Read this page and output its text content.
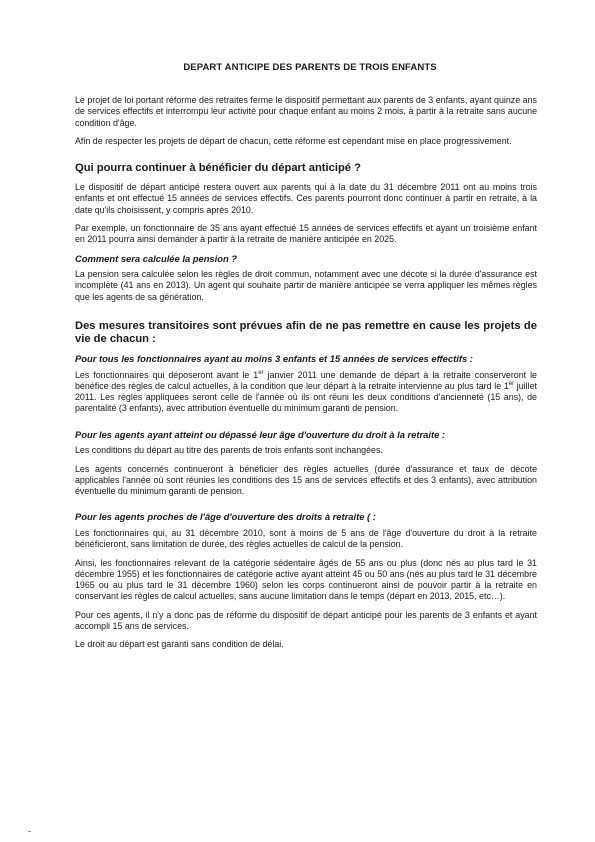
DEPART ANTICIPE DES PARENTS DE TROIS ENFANTS

Le projet de loi portant réforme des retraites ferme le dispositif permettant aux parents de 3 enfants, ayant quinze ans de services effectifs et interrompu leur activité pour chaque enfant au moins 2 mois, à partir à la retraite sans aucune condition d'âge.

Afin de respecter les projets de départ de chacun, cette réforme est cependant mise en place progressivement.

Qui pourra continuer à bénéficier du départ anticipé ?

Le dispositif de départ anticipé restera ouvert aux parents qui à la date du 31 décembre 2011 ont au moins trois enfants et ont effectué 15 années de services effectifs. Ces parents pourront donc continuer à partir en retraite, à la date qu'ils choisissent, y compris après 2010.

Par exemple, un fonctionnaire de 35 ans ayant effectué 15 années de services effectifs et ayant un troisième enfant en 2011 pourra ainsi demander à partir à la retraite de manière anticipée en 2025.

Comment sera calculée la pension ?

La pension sera calculée selon les règles de droit commun, notamment avec une décote si la durée d'assurance est incomplète (41 ans en 2013). Un agent qui souhaite partir de manière anticipée se verra appliquer les mêmes règles que les agents de sa génération.

Des mesures transitoires sont prévues afin de ne pas remettre en cause les projets de vie de chacun :
Pour tous les fonctionnaires ayant au moins 3 enfants et 15 années de services effectifs :

Les fonctionnaires qui déposeront avant le 1er janvier 2011 une demande de départ à la retraite conserveront le bénéfice des règles de calcul actuelles, à la condition que leur départ à la retraite intervienne au plus tard le 1er juillet 2011. Les règles appliquées seront celle de l'année où ils ont réuni les deux conditions d'ancienneté (15 ans), de parentalité (3 enfants), avec attribution éventuelle du minimum garanti de pension.

Pour les agents ayant atteint ou dépassé leur âge d'ouverture du droit à la retraite :

Les conditions du départ au titre des parents de trois enfants sont inchangées.

Les agents concernés continueront à bénéficier des règles actuelles (durée d'assurance et taux de décote applicables l'année où sont réunies les conditions des 15 ans de services effectifs et des 3 enfants), avec attribution éventuelle du minimum garanti de pension.

Pour les agents proches de l'âge d'ouverture des droits à retraite ( :

Les fonctionnaires qui, au 31 décembre 2010, sont à moins de 5 ans de l'âge d'ouverture du droit à la retraite bénéficieront, sans limitation de durée, des règles actuelles de calcul de la pension.

Ainsi, les fonctionnaires relevant de la catégorie sédentaire âgés de 55 ans ou plus (donc nés au plus tard le 31 décembre 1955) et les fonctionnaires de catégorie active ayant atteint 45 ou 50 ans (nés au plus tard le 31 décembre 1965 ou au plus tard le 31 décembre 1960) selon les corps continueront ainsi de pouvoir partir à la retraite en conservant les règles de calcul actuelles, sans aucune limitation dans le temps (départ en 2013, 2015, etc…).

Pour ces agents, il n'y a donc pas de réforme du dispositif de départ anticipé pour les parents de 3 enfants et ayant accompli 15 ans de services.

Le droit au départ est garanti sans condition de délai.
